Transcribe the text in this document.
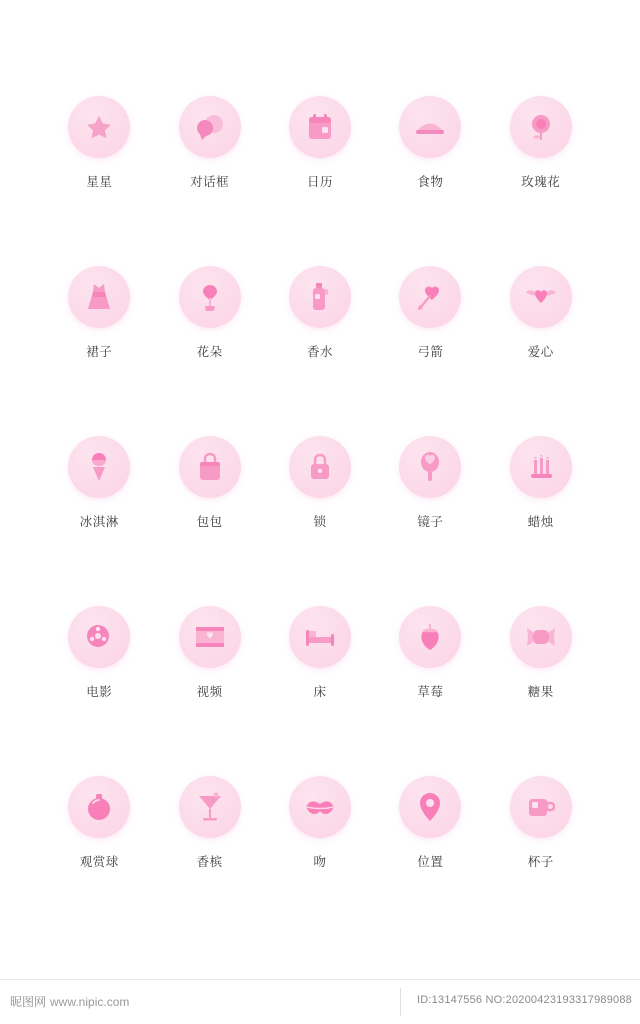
星星	对话框	日历	食物	玫瑰花
裙子	花朵	香水	弓箭	爱心
冰淇淋	包包	锁	镜子	蜡烛
电影	视频	床	草莓	糖果
观赏球	香槟	吻	位置	杯子
昵图网 www.nipic.com	ID:13147556 NO:20200423193317989088
